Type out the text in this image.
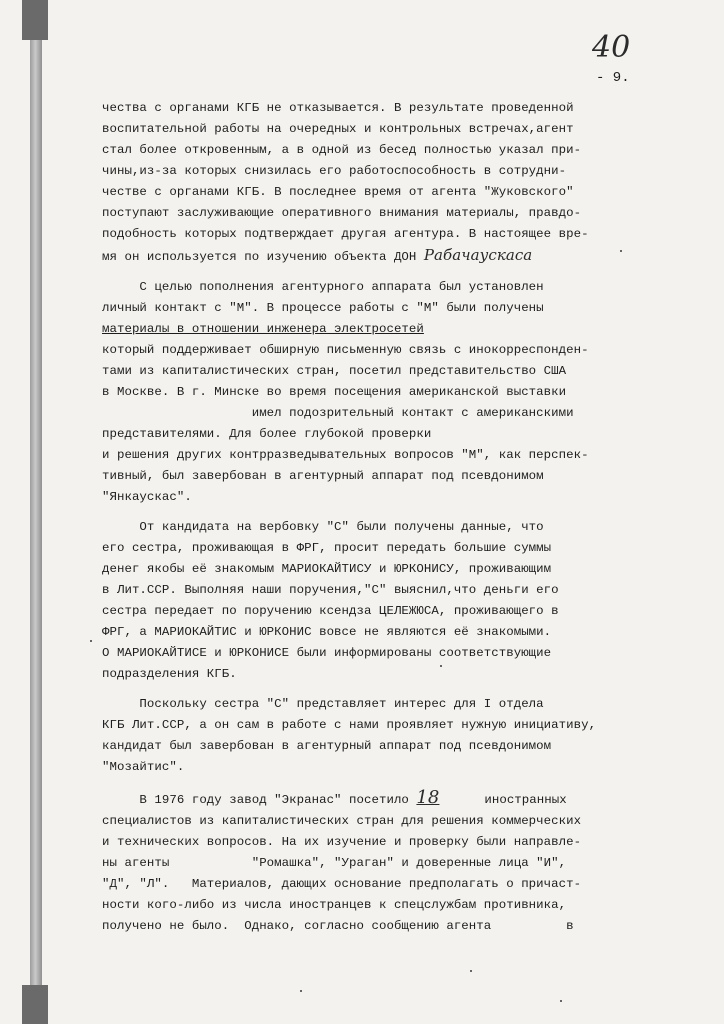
40
- 9.
чества с органами КГБ не отказывается. В результате проведенной
воспитательной работы на очередных и контрольных встречах,агент
стал более откровенным, а в одной из бесед полностью указал при-
чины,из-за которых снизилась его работоспособность в сотрудни-
честве с органами КГБ. В последнее время от агента "Жуковского"
поступают заслуживающие оперативного внимания материалы, правдо-
подобность которых подтверждает другая агентура. В настоящее вре-
мя он используется по изучению объекта ДОН Рабачаускаса
С целью пополнения агентурного аппарата был установлен
личный контакт с "М". В процессе работы с "М" были получены
материалы в отношении инженера электросетей
который поддерживает обширную письменную связь с инокорреспонден-
тами из капиталистических стран, посетил представительство США
в Москве. В г. Минске во время посещения американской выставки
имел подозрительный контакт с американскими
представителями. Для более глубокой проверки
и решения других контрразведывательных вопросов "М", как перспек-
тивный, был завербован в агентурный аппарат под псевдонимом
"Янкаускас".
От кандидата на вербовку "С" были получены данные, что
его сестра, проживающая в ФРГ, просит передать большие суммы
денег якобы её знакомым МАРИОКАЙТИСУ и ЮРКОНИСУ, проживающим
в Лит.ССР. Выполняя наши поручения,"С" выяснил,что деньги его
сестра передает по поручению ксендза ЦЕЛЕЖЮСА, проживающего в
ФРГ, а МАРИОКАЙТИС и ЮРКОНИС вовсе не являются её знакомыми.
О МАРИОКАЙТИСЕ и ЮРКОНИСЕ были информированы соответствующие
подразделения КГБ.
Поскольку сестра "С" представляет интерес для I отдела
КГБ Лит.ССР, а он сам в работе с нами проявляет нужную инициативу,
кандидат был завербован в агентурный аппарат под псевдонимом
"Мозайтис".
В 1976 году завод "Экранас" посетило 18	иностранных
специалистов из капиталистических стран для решения коммерческих
и технических вопросов. На их изучение и проверку были направле-
ны агенты           "Ромашка", "Ураган" и доверенные лица "И",
"Д", "Л".   Материалов, дающих основание предполагать о причаст-
ности кого-либо из числа иностранцев к спецслужбам противника,
получено не было.  Однако, согласно сообщению агента          в
